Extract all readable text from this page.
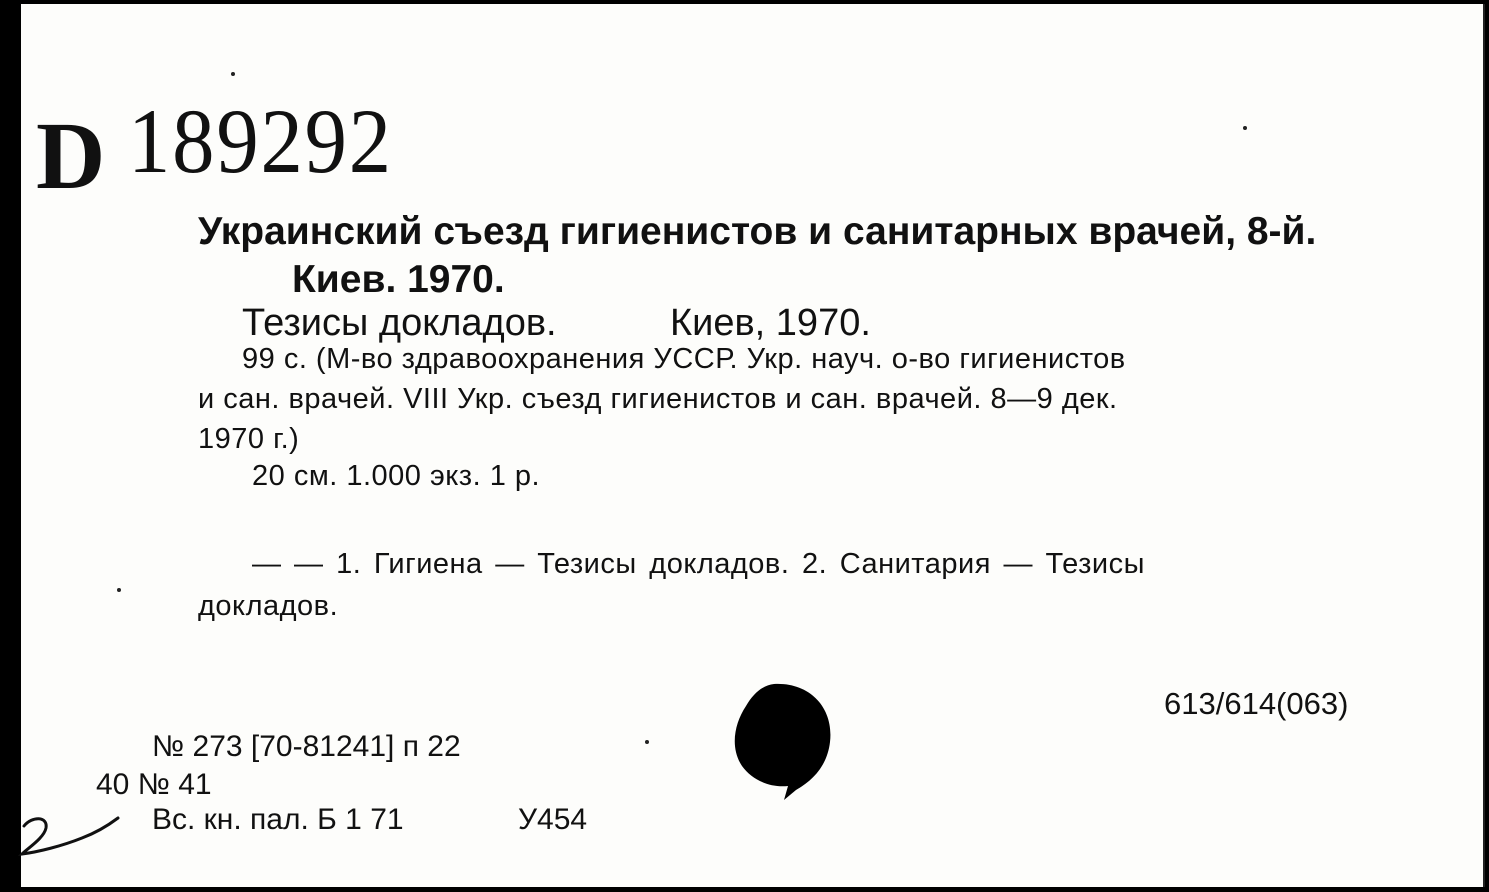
D 189292
Украинский съезд гигиенистов и санитарных врачей, 8-й.
Киев. 1970.
Тезисы докладов.	Киев, 1970.
99 с. (М-во здравоохранения УССР. Укр. науч. о-во гигиенистов
и сан. врачей. VIII Укр. съезд гигиенистов и сан. врачей. 8—9 дек.
1970 г.)
20 см. 1.000 экз. 1 р.
— — 1. Гигиена — Тезисы докладов. 2. Санитария — Тезисы
докладов.
613/614(063)
№ 273 [70-81241] п 22
40 № 41
Вс. кн. пал. Б 1 71	У454
